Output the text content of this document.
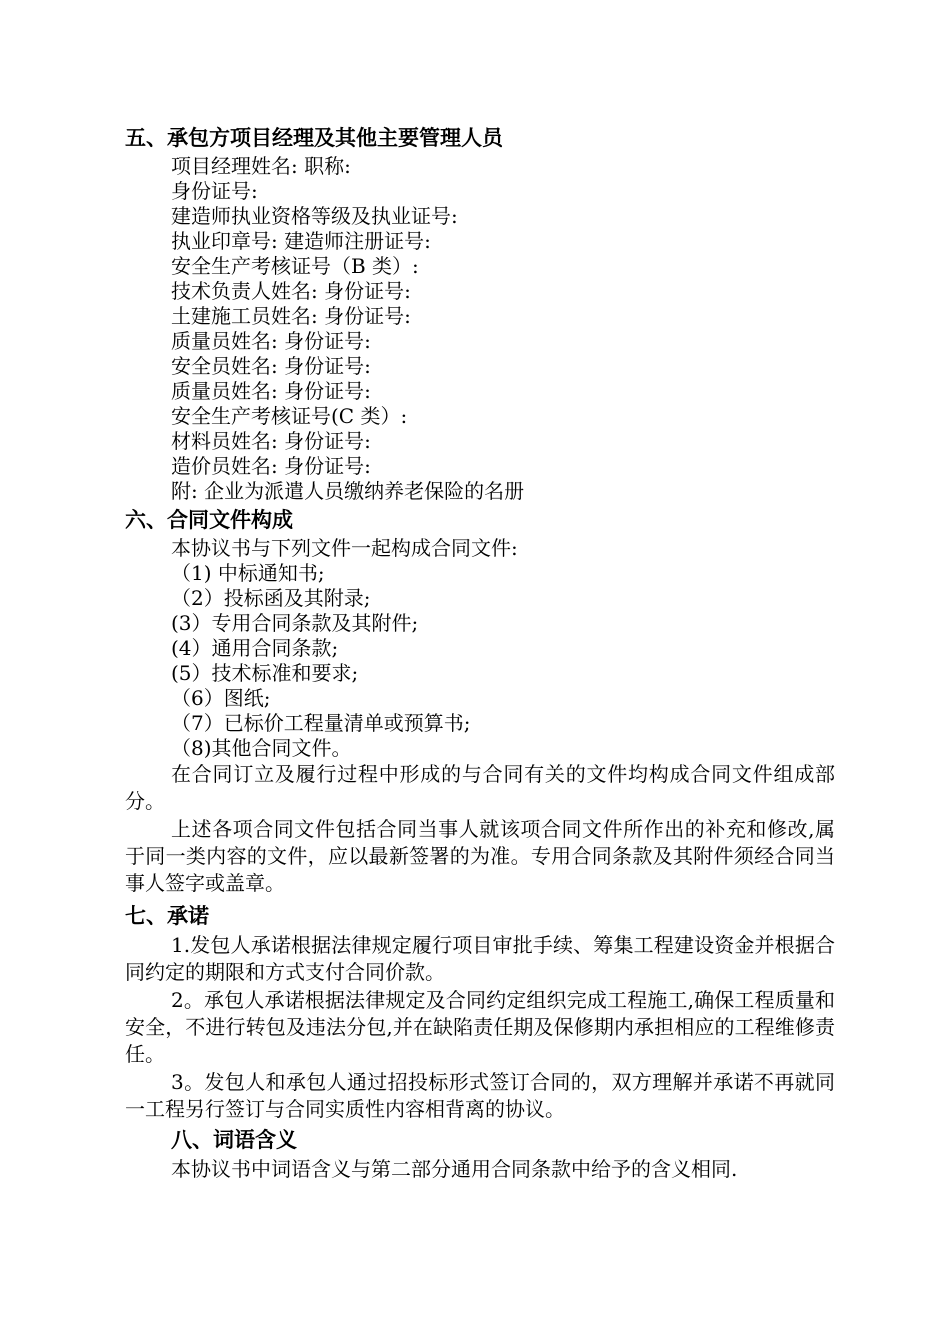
五、承包方项目经理及其他主要管理人员
项目经理姓名: 职称:
身份证号:
建造师执业资格等级及执业证号:
执业印章号: 建造师注册证号:
安全生产考核证号（B 类）:
技术负责人姓名: 身份证号:
土建施工员姓名: 身份证号:
质量员姓名: 身份证号:
安全员姓名: 身份证号:
质量员姓名: 身份证号:
安全生产考核证号(C 类）:
材料员姓名: 身份证号:
造价员姓名: 身份证号:
附: 企业为派遣人员缴纳养老保险的名册
六、合同文件构成
本协议书与下列文件一起构成合同文件:
（1) 中标通知书;
（2）投标函及其附录;
(3）专用合同条款及其附件;
(4）通用合同条款;
(5）技术标准和要求;
（6）图纸;
（7）已标价工程量清单或预算书;
（8)其他合同文件。

在合同订立及履行过程中形成的与合同有关的文件均构成合同文件组成部分。

上述各项合同文件包括合同当事人就该项合同文件所作出的补充和修改,属于同一类内容的文件，应以最新签署的为准。专用合同条款及其附件须经合同当事人签字或盖章。

七、承诺

1.发包人承诺根据法律规定履行项目审批手续、筹集工程建设资金并根据合同约定的期限和方式支付合同价款。

2。承包人承诺根据法律规定及合同约定组织完成工程施工,确保工程质量和安全，不进行转包及违法分包,并在缺陷责任期及保修期内承担相应的工程维修责任。

3。发包人和承包人通过招投标形式签订合同的，双方理解并承诺不再就同一工程另行签订与合同实质性内容相背离的协议。

八、词语含义

本协议书中词语含义与第二部分通用合同条款中给予的含义相同.
